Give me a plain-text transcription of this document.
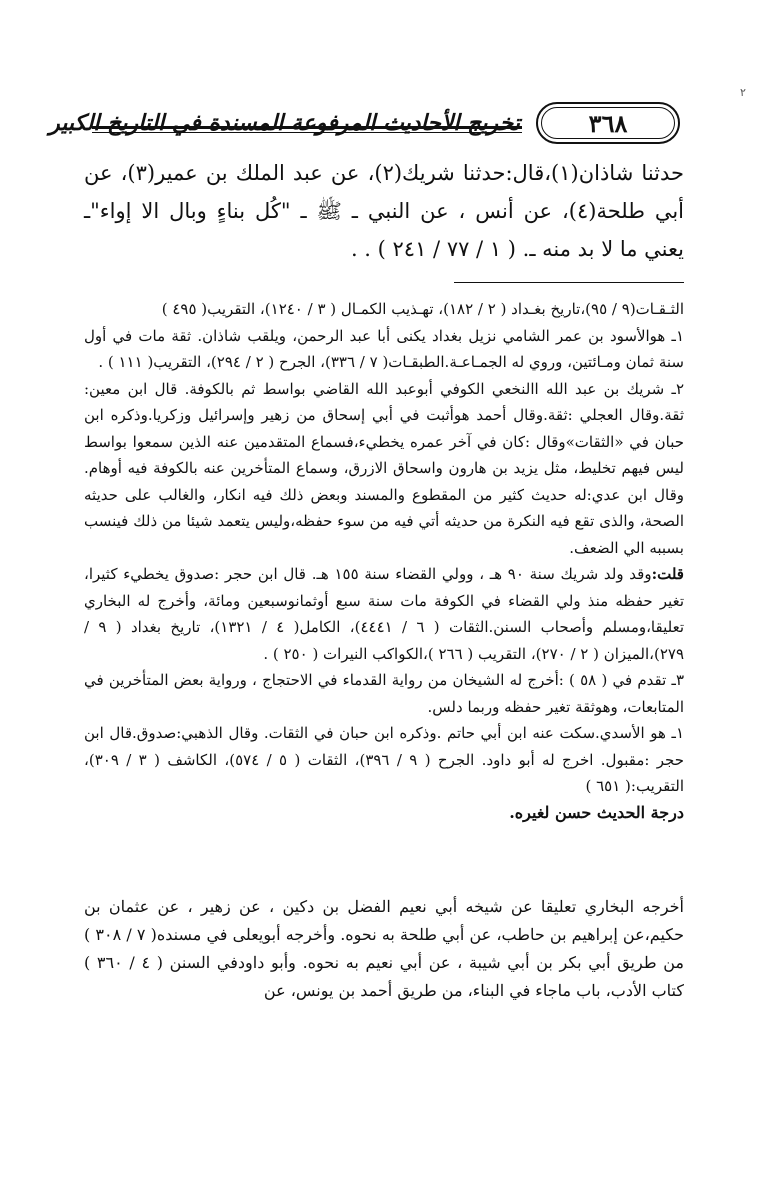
٢
٣٦٨
تخريج الأحاديث المرفوعة المسندة في التاريخ الكبير

حدثنا شاذان(١)،قال:حدثنا شريك(٢)، عن عبد الملك بن عمير(٣)، عن أبي طلحة(٤)، عن أنس ، عن النبي ـ ﷺ ـ "كُل بناءٍ وبال الا إواء"ـ يعني ما لا بد منه ـ. ( ١ / ٧٧ / ٢٤١ ) . .

الثـقـات(٩ / ٩٥)،تاريخ بغـداد ( ٢ / ١٨٢)، تهـذيب الكمـال ( ٣ / ١٢٤٠)، التقريب( ٤٩٥ )

١ـ هوالأسود بن عمر الشامي نزيل بغداد يكنى أبا عبد الرحمن، ويلقب شاذان. ثقة مات في أول سنة ثمان ومـائتين، وروي له الجمـاعـة.الطبقـات( ٧ / ٣٣٦)، الجرح ( ٢ / ٢٩٤)، التقريب( ١١١ ) .

٢ـ شريك بن عبد الله االنخعي الكوفي أبوعبد الله القاضي بواسط ثم بالكوفة. قال ابن معين: ثقة.وقال العجلي :ثقة.وقال أحمد هوأثبت في أبي إسحاق من زهير وإسرائيل وزكريا.وذكره ابن حبان في «الثقات»وقال :كان في آخر عمره يخطيء،فسماع المتقدمين عنه الذين سمعوا بواسط ليس فيهم تخليط، مثل يزيد بن هارون واسحاق الازرق، وسماع المتأخرين عنه بالكوفة فيه أوهام. وقال ابن عدي:له حديث كثير من المقطوع والمسند وبعض ذلك فيه انكار، والغالب على حديثه الصحة، والذى تقع فيه النكرة من حديثه أتي فيه من سوء حفظه،وليس يتعمد شيئا من ذلك فينسب بسببه الي الضعف.

قلت:وقد ولد شريك سنة ٩٠ هـ ، وولي القضاء سنة ١٥٥ هـ. قال ابن حجر :صدوق يخطيء كثيرا، تغير حفظه منذ ولي القضاء في الكوفة مات سنة سبع أوثمانوسبعين ومائة، وأخرج له البخاري تعليقا،ومسلم وأصحاب السنن.الثقات ( ٦ / ٤٤٤١)، الكامل( ٤ / ١٣٢١)، تاريخ بغداد ( ٩ / ٢٧٩)،الميزان ( ٢ / ٢٧٠)، التقريب ( ٢٦٦ )،الكواكب النيرات ( ٢٥٠ ) .

٣ـ تقدم في ( ٥٨ ) :أخرج له الشيخان من رواية القدماء في الاحتجاج ، ورواية بعض المتأخرين في المتابعات، وهوثقة تغير حفظه وربما دلس.

١ـ هو الأسدي.سكت عنه ابن أبي حاتم .وذكره ابن حبان في الثقات. وقال الذهبي:صدوق.قال ابن حجر :مقبول. اخرج له أبو داود. الجرح ( ٩ / ٣٩٦)، الثقات ( ٥ / ٥٧٤)، الكاشف ( ٣ / ٣٠٩)، التقريب:( ٦٥١ )

درجة الحديث حسن لغيره.

أخرجه البخاري تعليقا عن شيخه أبي نعيم الفضل بن دكين ، عن زهير ، عن عثمان بن حكيم،عن إبراهيم بن حاطب، عن أبي طلحة به نحوه. وأخرجه أبويعلى في مسنده( ٧ / ٣٠٨ ) من طريق أبي بكر بن أبي شيبة ، عن أبي نعيم به نحوه. وأبو داودفي السنن ( ٤ / ٣٦٠ ) كتاب الأدب، باب ماجاء في البناء، من طريق أحمد بن يونس، عن
